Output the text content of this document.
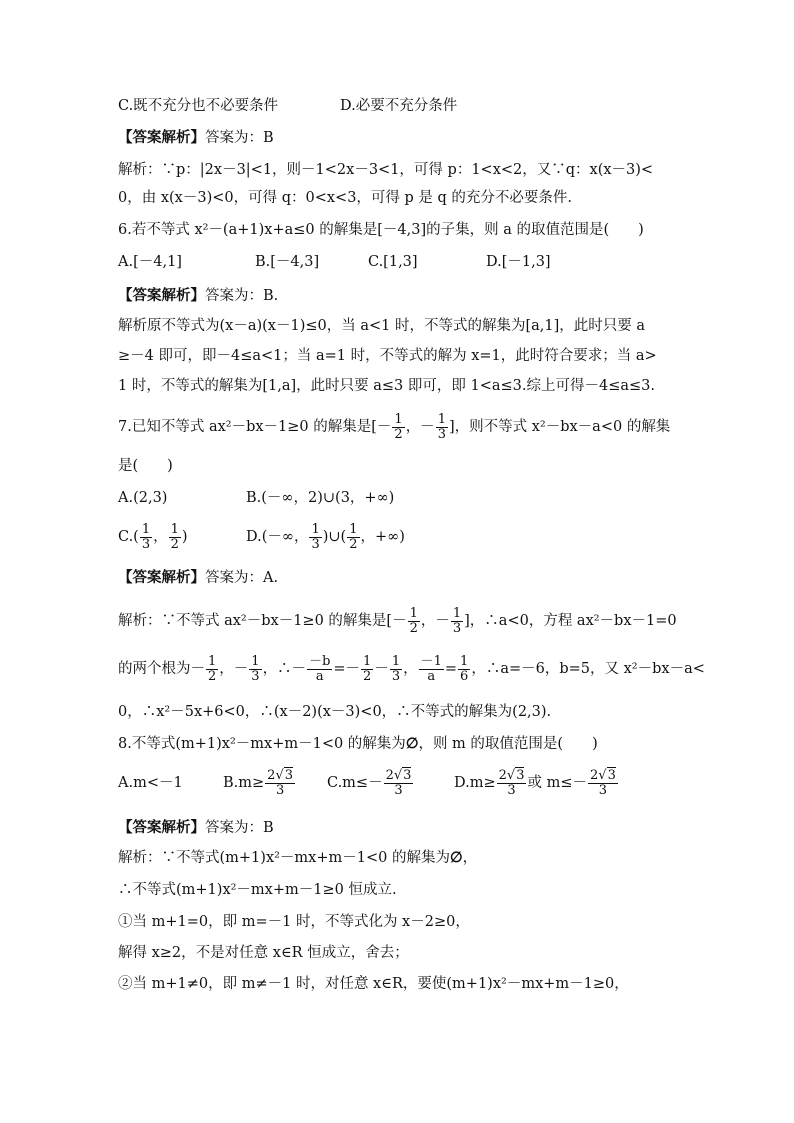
C.既不充分也不必要条件	D.必要不充分条件
【答案解析】答案为：B
解析：∵p：|2x－3|<1，则－1<2x－3<1，可得 p：1<x<2，又∵q：x(x－3)<
0，由 x(x－3)<0，可得 q：0<x<3，可得 p 是 q 的充分不必要条件.
6.若不等式 x²－(a+1)x+a≤0 的解集是[－4,3]的子集，则 a 的取值范围是(　　)
A.[－4,1]	B.[－4,3]	C.[1,3]	D.[－1,3]
【答案解析】答案为：B.
解析原不等式为(x－a)(x－1)≤0，当 a<1 时，不等式的解集为[a,1]，此时只要 a
≥－4 即可，即－4≤a<1；当 a=1 时，不等式的解为 x=1，此时符合要求；当 a>
1 时，不等式的解集为[1,a]，此时只要 a≤3 即可，即 1<a≤3.综上可得－4≤a≤3.
7.已知不等式 ax²－bx－1≥0 的解集是[－ $\frac{1}{2}$ ，－ $\frac{1}{3}$ ]，则不等式 x²－bx－a<0 的解集
是(　　)
A.(2,3)	B.(－∞，2)∪(3，+∞)
$C.( \frac{1}{3}$ ， $\frac{1}{2}$ )	D.(－∞， $\frac{1}{3}$ )∪( $\frac{1}{2}$ ，+∞)
【答案解析】答案为：A.
解析：∵不等式 ax²－bx－1≥0 的解集是[－ $\frac{1}{2}$ ，－ $\frac{1}{3}$ ]，∴a<0，方程 ax²－bx－1=0
的两个根为－ $\frac{1}{2}$ ，－ $\frac{1}{3}$ ，∴－ $\frac{-b}{a} =- \frac{1}{2} - \frac{1}{3}$ ， $\frac{-1}{a} = \frac{1}{6}$ ，∴a=－6，b=5，又 x²－bx－a<
0，∴x²－5x+6<0，∴(x－2)(x－3)<0，∴不等式的解集为(2,3).
8.不等式(m+1)x²－mx+m－1<0 的解集为∅，则 m 的取值范围是(　　)
A.m<－1	$B.m\ge \frac{2√3}{3} C.m\le- \frac{2√3}{3}$	$D.m\ge \frac{2√3}{3}$ 或 $m\le- \frac{2√3}{3}$
【答案解析】答案为：B
解析：∵不等式(m+1)x²－mx+m－1<0 的解集为∅，
∴不等式(m+1)x²－mx+m－1≥0 恒成立.
①当 m+1=0，即 m=－1 时，不等式化为 x－2≥0，
解得 x≥2，不是对任意 x∈R 恒成立，舍去；
②当 m+1≠0，即 m≠－1 时，对任意 x∈R，要使(m+1)x²－mx+m－1≥0，
